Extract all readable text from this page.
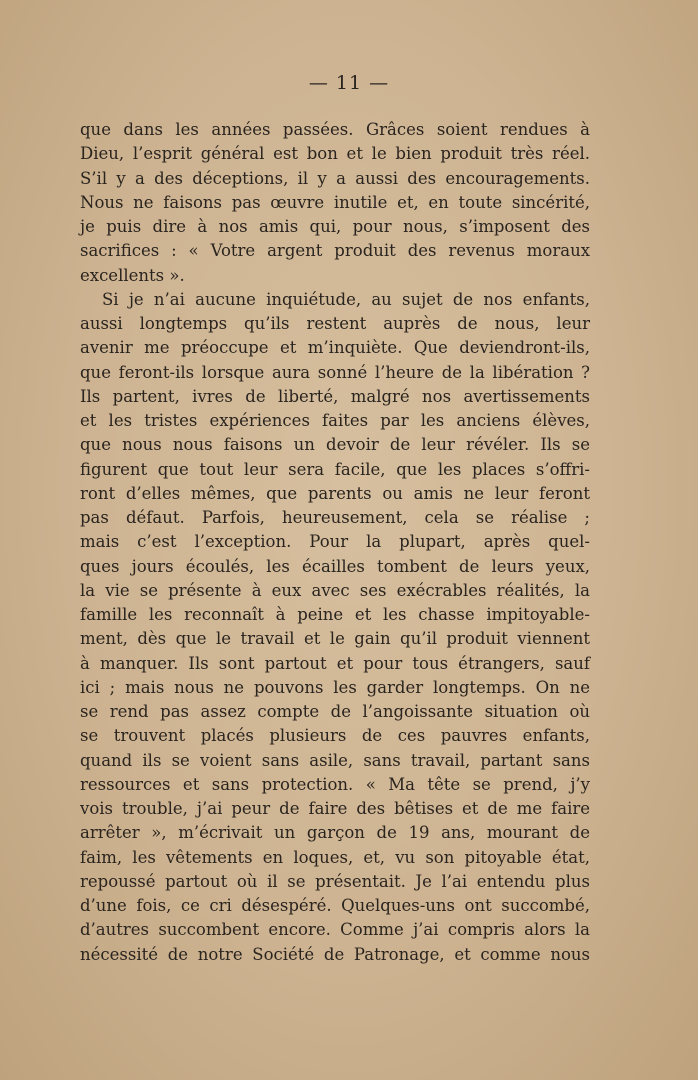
— 11 —
que dans les années passées. Grâces soient rendues à
Dieu, l’esprit général est bon et le bien produit très réel.
S’il y a des déceptions, il y a aussi des encouragements.
Nous ne faisons pas œuvre inutile et, en toute sincérité,
je puis dire à nos amis qui, pour nous, s’imposent des
sacrifices : « Votre argent produit des revenus moraux
excellents ».
Si je n’ai aucune inquiétude, au sujet de nos enfants,
aussi longtemps qu’ils restent auprès de nous, leur
avenir me préoccupe et m’inquiète. Que deviendront-ils,
que feront-ils lorsque aura sonné l’heure de la libération ?
Ils partent, ivres de liberté, malgré nos avertissements
et les tristes expériences faites par les anciens élèves,
que nous nous faisons un devoir de leur révéler. Ils se
figurent que tout leur sera facile, que les places s’offri-
ront d’elles mêmes, que parents ou amis ne leur feront
pas défaut. Parfois, heureusement, cela se réalise ;
mais c’est l’exception. Pour la plupart, après quel-
ques jours écoulés, les écailles tombent de leurs yeux,
la vie se présente à eux avec ses exécrables réalités, la
famille les reconnaît à peine et les chasse impitoyable-
ment, dès que le travail et le gain qu’il produit viennent
à manquer. Ils sont partout et pour tous étrangers, sauf
ici ; mais nous ne pouvons les garder longtemps. On ne
se rend pas assez compte de l’angoissante situation où
se trouvent placés plusieurs de ces pauvres enfants,
quand ils se voient sans asile, sans travail, partant sans
ressources et sans protection. « Ma tête se prend, j’y
vois trouble, j’ai peur de faire des bêtises et de me faire
arrêter », m’écrivait un garçon de 19 ans, mourant de
faim, les vêtements en loques, et, vu son pitoyable état,
repoussé partout où il se présentait. Je l’ai entendu plus
d’une fois, ce cri désespéré. Quelques-uns ont succombé,
d’autres succombent encore. Comme j’ai compris alors la
nécessité de notre Société de Patronage, et comme nous
